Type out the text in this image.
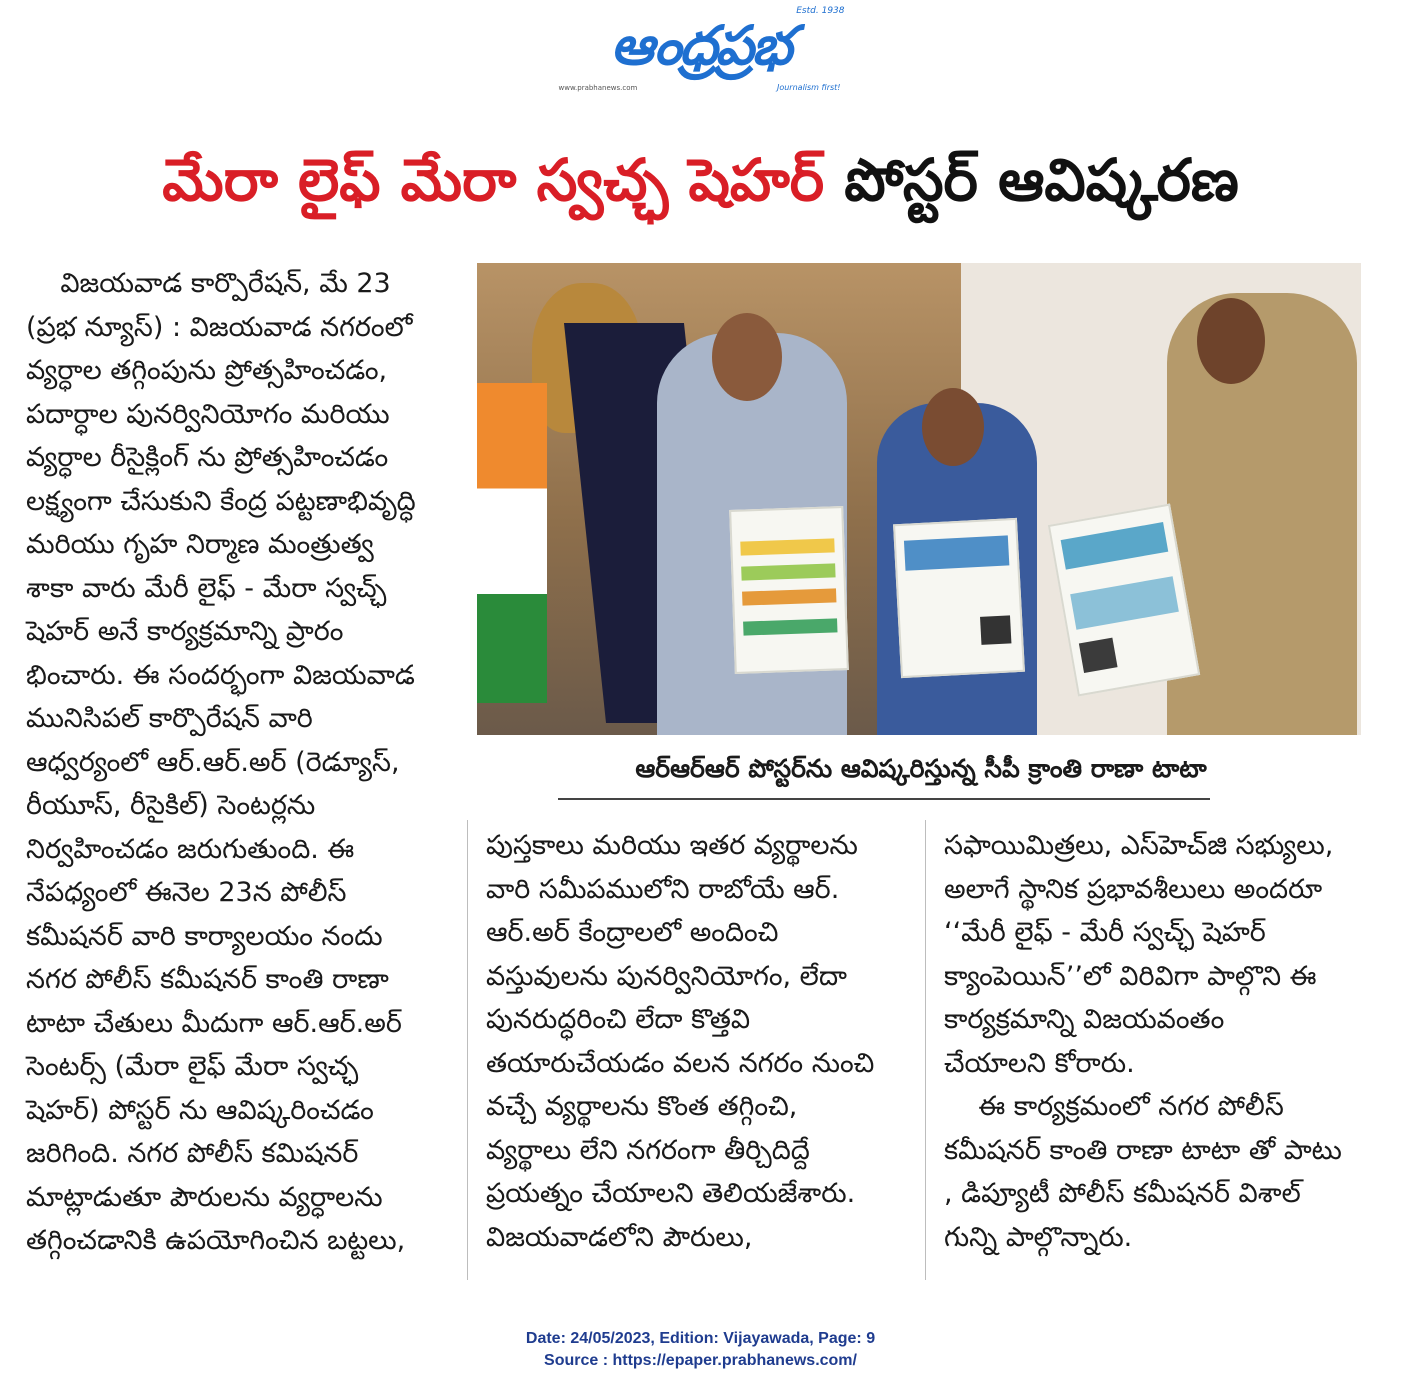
Estd. 1938
ఆంధ్రప్రభ
www.prabhanews.com	Journalism first!
మేరా లైఫ్ మేరా స్వచ్ఛ షెహర్ పోస్టర్ ఆవిష్కరణ

విజయవాడ కార్పొరేషన్, మే 23

(ప్రభ న్యూస్) : విజయవాడ నగరంలో

వ్యర్ధాల తగ్గింపును ప్రోత్సహించడం,

పదార్ధాల పునర్వినియోగం మరియు

వ్యర్ధాల రీసైక్లింగ్ ను ప్రోత్సహించడం

లక్ష్యంగా చేసుకుని కేంద్ర పట్టణాభివృద్ధి

మరియు గృహ నిర్మాణ మంత్రుత్వ

శాకా వారు మేరీ లైఫ్ - మేరా స్వచ్ఛ్

షెహర్ అనే కార్యక్రమాన్ని ప్రారం

భించారు. ఈ సందర్భంగా విజయవాడ

మునిసిపల్ కార్పొరేషన్ వారి

ఆధ్వర్యంలో ఆర్.ఆర్.అర్ (రెడ్యూస్,

రీయూస్, రీసైకిల్) సెంటర్లను

నిర్వహించడం జరుగుతుంది. ఈ

నేపధ్యంలో ఈనెల 23న పోలీస్

కమీషనర్ వారి కార్యాలయం నందు

నగర పోలీస్ కమీషనర్ కాంతి రాణా

టాటా చేతులు మీదుగా ఆర్.ఆర్.అర్

సెంటర్స్ (మేరా లైఫ్ మేరా స్వచ్ఛ

షెహర్) పోస్టర్ ను ఆవిష్కరించడం

జరిగింది. నగర పోలీస్ కమిషనర్

మాట్లాడుతూ పౌరులను వ్యర్ధాలను

తగ్గించడానికి ఉపయోగించిన బట్టలు,

ఆర్ఆర్ఆర్ పోస్టర్‌ను ఆవిష్కరిస్తున్న సీపీ క్రాంతి రాణా టాటా

పుస్తకాలు మరియు ఇతర వ్యర్థాలను

వారి సమీపములోని రాబోయే ఆర్.

ఆర్.అర్ కేంద్రాలలో అందించి

వస్తువులను పునర్వినియోగం, లేదా

పునరుద్ధరించి లేదా కొత్తవి

తయారుచేయడం వలన నగరం నుంచి

వచ్చే వ్యర్థాలను కొంత తగ్గించి,

వ్యర్థాలు లేని నగరంగా తీర్చిదిద్దే

ప్రయత్నం చేయాలని తెలియజేశారు.

విజయవాడలోని పౌరులు,

సఫాయిమిత్రలు, ఎస్‌హెచ్‌జి సభ్యులు,

అలాగే స్థానిక ప్రభావశీలులు అందరూ

‘‘మేరీ లైఫ్ - మేరీ స్వచ్ఛ్ షెహర్

క్యాంపెయిన్’’లో విరివిగా పాల్గొని ఈ

కార్యక్రమాన్ని విజయవంతం

చేయాలని కోరారు.

ఈ కార్యక్రమంలో నగర పోలీస్

కమీషనర్ కాంతి రాణా టాటా తో పాటు

, డిప్యూటీ పోలీస్ కమీషనర్ విశాల్

గున్ని పాల్గొన్నారు.

Date: 24/05/2023, Edition: Vijayawada, Page: 9
Source : https://epaper.prabhanews.com/
